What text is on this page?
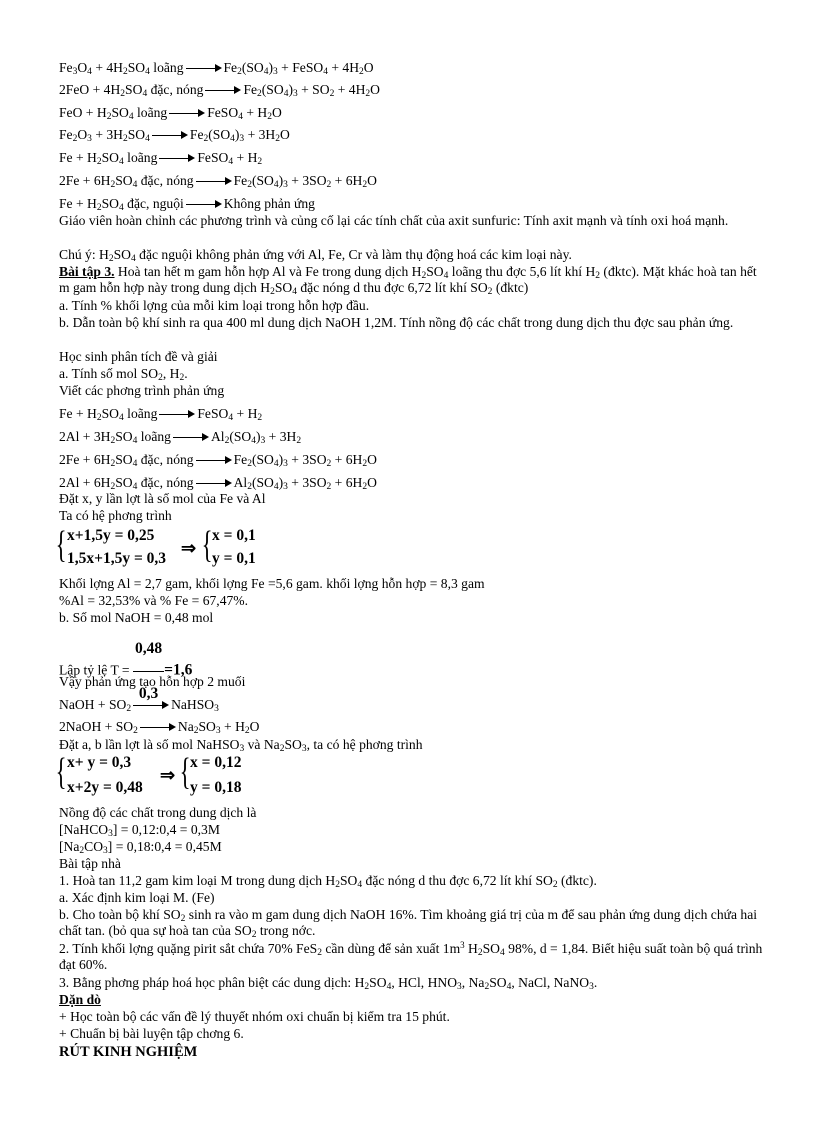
$Fe_3O_4 + 4H_2SO_4$ loãng	$Fe_2(SO_4)_3$ + FeSO$_4$ + $4H_2O$
$2FeO + 4H_2SO_4$ đặc, nóng	$Fe_2(SO_4)_3 + SO_2 + 4H_2O$
FeO + $H_2SO_4$ loãng	FeSO$_4$ + $H_2O$
$Fe_2O_3 + 3H_2SO_4$	$Fe_2(SO_4)_3 + 3H_2O$
$Fe + H_2SO_4$ loãng	FeSO$_4$ + $H_2$
$2Fe + 6H_2SO_4$ đặc, nóng	$Fe_2(SO_4)_3 + 3SO_2 + 6H_2O$
$Fe + H_2SO_4$ đặc, nguội	Không phản ứng
Giáo viên hoàn chỉnh các phương trình và củng cố lại các tính chất của axit sunfuric: Tính axit mạnh và tính oxi hoá mạnh.
Chú ý: $H_2SO_4$ đặc nguội không phản ứng với Al, Fe, Cr và làm thụ động hoá các kim loại này.
Bài tập 3. Hoà tan hết m gam hỗn hợp Al và Fe trong dung dịch $H_2SO_4$ loãng thu đợc 5,6 lít khí $H_2$ (đktc). Mặt khác hoà tan hết m gam hỗn hợp này trong dung dịch $H_2SO_4$ đặc nóng d thu đợc 6,72 lít khí $SO_2$ (đktc)
a. Tính % khối lợng của mỗi kim loại trong hỗn hợp đầu.
b. Dẫn toàn bộ khí sinh ra qua 400 ml dung dịch NaOH 1,2M. Tính nồng độ các chất trong dung dịch thu đợc sau phản ứng.
Học sinh phân tích đề và giải
a. Tính số mol $SO_2$, $H_2$.
Viết các phơng trình phản ứng
$Fe + H_2SO_4$ loãng	FeSO$_4$ + $H_2$
$2Al + 3H_2SO_4$ loãng	$Al_2(SO_4)_3 + 3H_2$
$2Fe + 6H_2SO_4$ đặc, nóng	$Fe_2(SO_4)_3 + 3SO_2 + 6H_2O$
$2Al + 6H_2SO_4$ đặc, nóng	$Al_2(SO_4)_3 + 3SO_2 + 6H_2O$
Đặt x, y lần lợt là số mol của Fe và Al
Ta có hệ phơng trình
{ x+1,5y = 0,25
1,5x+1,5y = 0,3
⇒ { x = 0,1
y = 0,1
Khối lợng Al = 2,7 gam, khối lợng Fe =5,6 gam. khối lợng hỗn hợp = 8,3 gam
%Al = 32,53% và % Fe = 67,47%.
b. Số mol NaOH = 0,48 mol
Lập tỷ lệ $T = \frac{0,48}{0,3} =1,6$
Vậy phản ứng tạo hỗn hợp 2 muối
NaOH + $SO_2$	NaHSO$_3$
2NaOH + $SO_2$	$Na_2SO_3 + H_2O$
Đặt a, b lần lợt là số mol NaHSO$_3$ và $Na_2SO_3$, ta có hệ phơng trình
{ x+ y = 0,3
x+2y = 0,48
⇒ { x = 0,12
y = 0,18
Nồng độ các chất trong dung dịch là
[NaHCO$_3$] = 0,12:0,4 = 0,3M
$[Na_2CO_3]$ = 0,18:0,4 = 0,45M
Bài tập nhà
1. Hoà tan 11,2 gam kim loại M trong dung dịch $H_2SO_4$ đặc nóng d thu đợc 6,72 lít khí $SO_2$ (đktc).
a. Xác định kim loại M. (Fe)
b. Cho toàn bộ khí $SO_2$ sinh ra vào m gam dung dịch NaOH 16%. Tìm khoảng giá trị của m để sau phản ứng dung dịch chứa hai chất tan. (bỏ qua sự hoà tan của $SO_2$ trong nớc.
2. Tính khối lợng quặng pirit sắt chứa 70% FeS$_2$ cần dùng để sản xuất $1m^3$ $H_2SO_4$ 98%, d = 1,84. Biết hiệu suất toàn bộ quá trình đạt 60%.
3. Bằng phơng pháp hoá học phân biệt các dung dịch: $H_2SO_4$, HCl, $HNO_3$, $Na_2SO_4$, NaCl, NaNO$_3$.
Dặn dò
+ Học toàn bộ các vấn đề lý thuyết nhóm oxi chuẩn bị kiểm tra 15 phút.
+ Chuẩn bị bài luyện tập chơng 6.
RÚT KINH NGHIỆM
